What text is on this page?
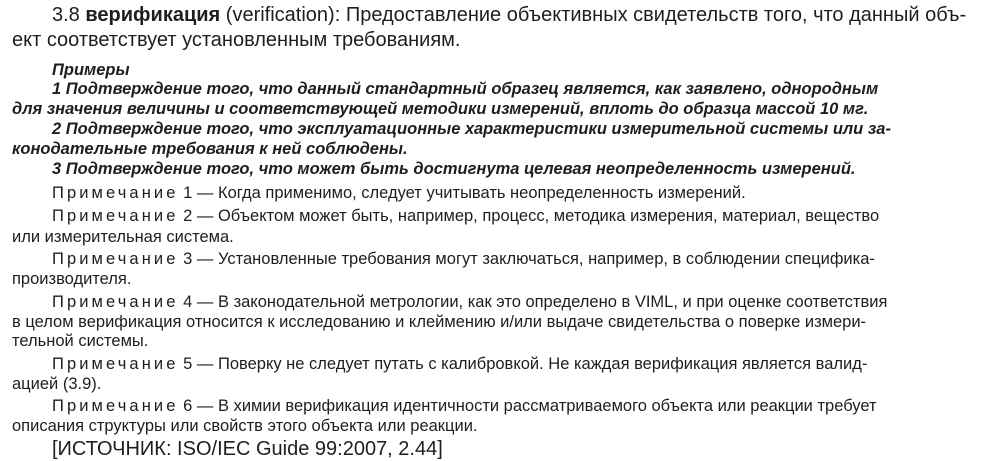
3.8 верификация (verification): Предоставление объективных свидетельств того, что данный объ-
ект соответствует установленным требованиям.
Примеры
1 Подтверждение того, что данный стандартный образец является, как заявлено, однородным
для значения величины и соответствующей методики измерений, вплоть до образца массой 10 мг.
2 Подтверждение того, что эксплуатационные характеристики измерительной системы или за-
конодательные требования к ней соблюдены.
3 Подтверждение того, что может быть достигнута целевая неопределенность измерений.
Примечание 1 — Когда применимо, следует учитывать неопределенность измерений.
Примечание 2 — Объектом может быть, например, процесс, методика измерения, материал, вещество
или измерительная система.
Примечание 3 — Установленные требования могут заключаться, например, в соблюдении специфика-
производителя.
Примечание 4 — В законодательной метрологии, как это определено в VIML, и при оценке соответствия
в целом верификация относится к исследованию и клеймению и/или выдаче свидетельства о поверке измери-
тельной системы.
Примечание 5 — Поверку не следует путать с калибровкой. Не каждая верификация является валид-
ацией (3.9).
Примечание 6 — В химии верификация идентичности рассматриваемого объекта или реакции требует
описания структуры или свойств этого объекта или реакции.
[ИСТОЧНИК: ISO/IEC Guide 99:2007, 2.44]
